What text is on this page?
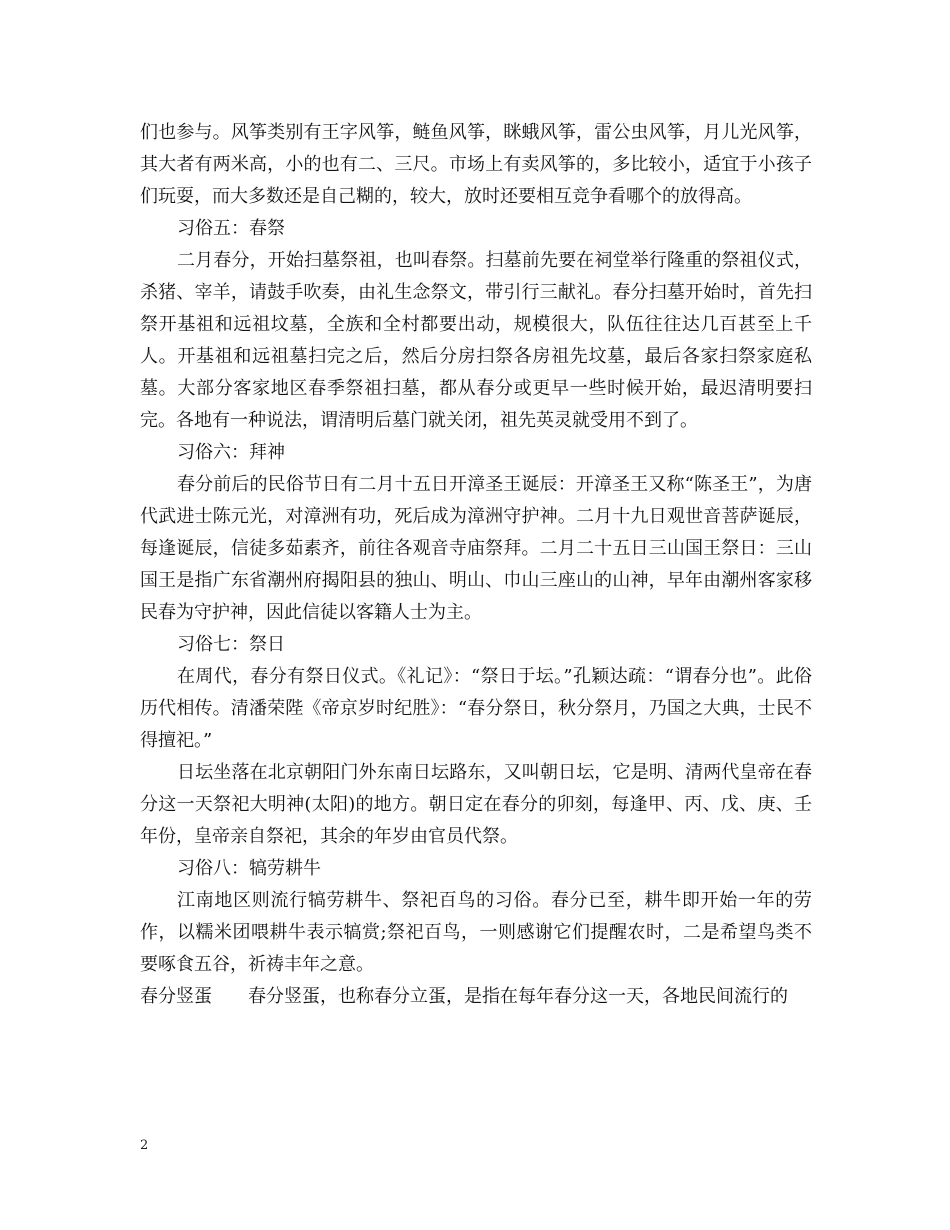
们也参与。风筝类别有王字风筝，鲢鱼风筝，眯蛾风筝，雷公虫风筝，月儿光风筝，其大者有两米高，小的也有二、三尺。市场上有卖风筝的，多比较小，适宜于小孩子们玩耍，而大多数还是自己糊的，较大，放时还要相互竞争看哪个的放得高。

习俗五：春祭

二月春分，开始扫墓祭祖，也叫春祭。扫墓前先要在祠堂举行隆重的祭祖仪式，杀猪、宰羊，请鼓手吹奏，由礼生念祭文，带引行三献礼。春分扫墓开始时，首先扫祭开基祖和远祖坟墓，全族和全村都要出动，规模很大，队伍往往达几百甚至上千人。开基祖和远祖墓扫完之后，然后分房扫祭各房祖先坟墓，最后各家扫祭家庭私墓。大部分客家地区春季祭祖扫墓，都从春分或更早一些时候开始，最迟清明要扫完。各地有一种说法，谓清明后墓门就关闭，祖先英灵就受用不到了。

习俗六：拜神

春分前后的民俗节日有二月十五日开漳圣王诞辰：开漳圣王又称“陈圣王”，为唐代武进士陈元光，对漳洲有功，死后成为漳洲守护神。二月十九日观世音菩萨诞辰，每逢诞辰，信徒多茹素齐，前往各观音寺庙祭拜。二月二十五日三山国王祭日：三山国王是指广东省潮州府揭阳县的独山、明山、巾山三座山的山神，早年由潮州客家移民春为守护神，因此信徒以客籍人士为主。

习俗七：祭日

在周代，春分有祭日仪式。《礼记》：“祭日于坛。”孔颖达疏：“谓春分也”。此俗历代相传。清潘荣陛《帝京岁时纪胜》：“春分祭日，秋分祭月，乃国之大典，士民不得擅祀。”

日坛坐落在北京朝阳门外东南日坛路东，又叫朝日坛，它是明、清两代皇帝在春分这一天祭祀大明神(太阳)的地方。朝日定在春分的卯刻，每逢甲、丙、戊、庚、壬年份，皇帝亲自祭祀，其余的年岁由官员代祭。

习俗八：犒劳耕牛

江南地区则流行犒劳耕牛、祭祀百鸟的习俗。春分已至，耕牛即开始一年的劳作，以糯米团喂耕牛表示犒赏;祭祀百鸟，一则感谢它们提醒农时，二是希望鸟类不要啄食五谷，祈祷丰年之意。

春分竖蛋 春分竖蛋，也称春分立蛋，是指在每年春分这一天，各地民间流行的

2
